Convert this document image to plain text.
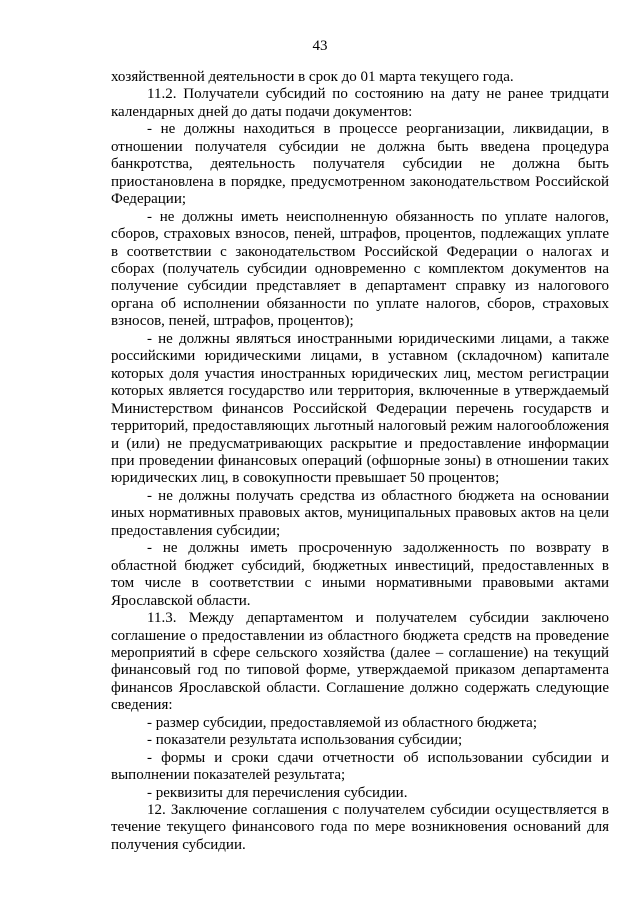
43

хозяйственной деятельности в срок до 01 марта текущего года.

11.2. Получатели субсидий по состоянию на дату не ранее тридцати календарных дней до даты подачи документов:

- не должны находиться в процессе реорганизации, ликвидации, в отношении получателя субсидии не должна быть введена процедура банкротства, деятельность получателя субсидии не должна быть приостановлена в порядке, предусмотренном законодательством Российской Федерации;

- не должны иметь неисполненную обязанность по уплате налогов, сборов, страховых взносов, пеней, штрафов, процентов, подлежащих уплате в соответствии с законодательством Российской Федерации о налогах и сборах (получатель субсидии одновременно с комплектом документов на получение субсидии представляет в департамент справку из налогового органа об исполнении обязанности по уплате налогов, сборов, страховых взносов, пеней, штрафов, процентов);

- не должны являться иностранными юридическими лицами, а также российскими юридическими лицами, в уставном (складочном) капитале которых доля участия иностранных юридических лиц, местом регистрации которых является государство или территория, включенные в утверждаемый Министерством финансов Российской Федерации перечень государств и территорий, предоставляющих льготный налоговый режим налогообложения и (или) не предусматривающих раскрытие и предоставление информации при проведении финансовых операций (офшорные зоны) в отношении таких юридических лиц, в совокупности превышает 50 процентов;

- не должны получать средства из областного бюджета на основании иных нормативных правовых актов, муниципальных правовых актов на цели предоставления субсидии;

- не должны иметь просроченную задолженность по возврату в областной бюджет субсидий, бюджетных инвестиций, предоставленных в том числе в соответствии с иными нормативными правовыми актами Ярославской области.

11.3. Между департаментом и получателем субсидии заключено соглашение о предоставлении из областного бюджета средств на проведение мероприятий в сфере сельского хозяйства (далее – соглашение) на текущий финансовый год по типовой форме, утверждаемой приказом департамента финансов Ярославской области. Соглашение должно содержать следующие сведения:

- размер субсидии, предоставляемой из областного бюджета;

- показатели результата использования субсидии;

- формы и сроки сдачи отчетности об использовании субсидии и выполнении показателей результата;

- реквизиты для перечисления субсидии.

12. Заключение соглашения с получателем субсидии осуществляется в течение текущего финансового года по мере возникновения оснований для получения субсидии.
